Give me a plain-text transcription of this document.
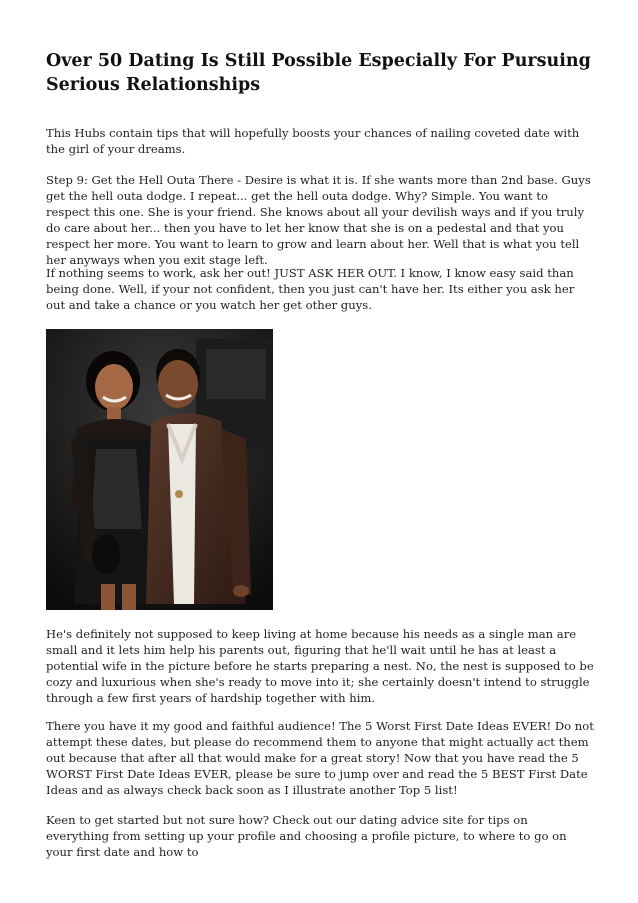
Over 50 Dating Is Still Possible Especially For Pursuing Serious Relationships

This Hubs contain tips that will hopefully boosts your chances of nailing coveted date with the girl of your dreams.

Step 9: Get the Hell Outa There - Desire is what it is. If she wants more than 2nd base. Guys get the hell outa dodge. I repeat... get the hell outa dodge. Why? Simple. You want to respect this one. She is your friend. She knows about all your devilish ways and if you truly do care about her... then you have to let her know that she is on a pedestal and that you respect her more. You want to learn to grow and learn about her. Well that is what you tell her anyways when you exit stage left.

If nothing seems to work, ask her out! JUST ASK HER OUT. I know, I know easy said than being done. Well, if your not confident, then you just can't have her. Its either you ask her out and take a chance or you watch her get other guys.

He's definitely not supposed to keep living at home because his needs as a single man are small and it lets him help his parents out, figuring that he'll wait until he has at least a potential wife in the picture before he starts preparing a nest. No, the nest is supposed to be cozy and luxurious when she's ready to move into it; she certainly doesn't intend to struggle through a few first years of hardship together with him.

There you have it my good and faithful audience! The 5 Worst First Date Ideas EVER! Do not attempt these dates, but please do recommend them to anyone that might actually act them out because that after all that would make for a great story! Now that you have read the 5 WORST First Date Ideas EVER, please be sure to jump over and read the 5 BEST First Date Ideas and as always check back soon as I illustrate another Top 5 list!

Keen to get started but not sure how? Check out our dating advice site for tips on everything from setting up your profile and choosing a profile picture, to where to go on your first date and how to
